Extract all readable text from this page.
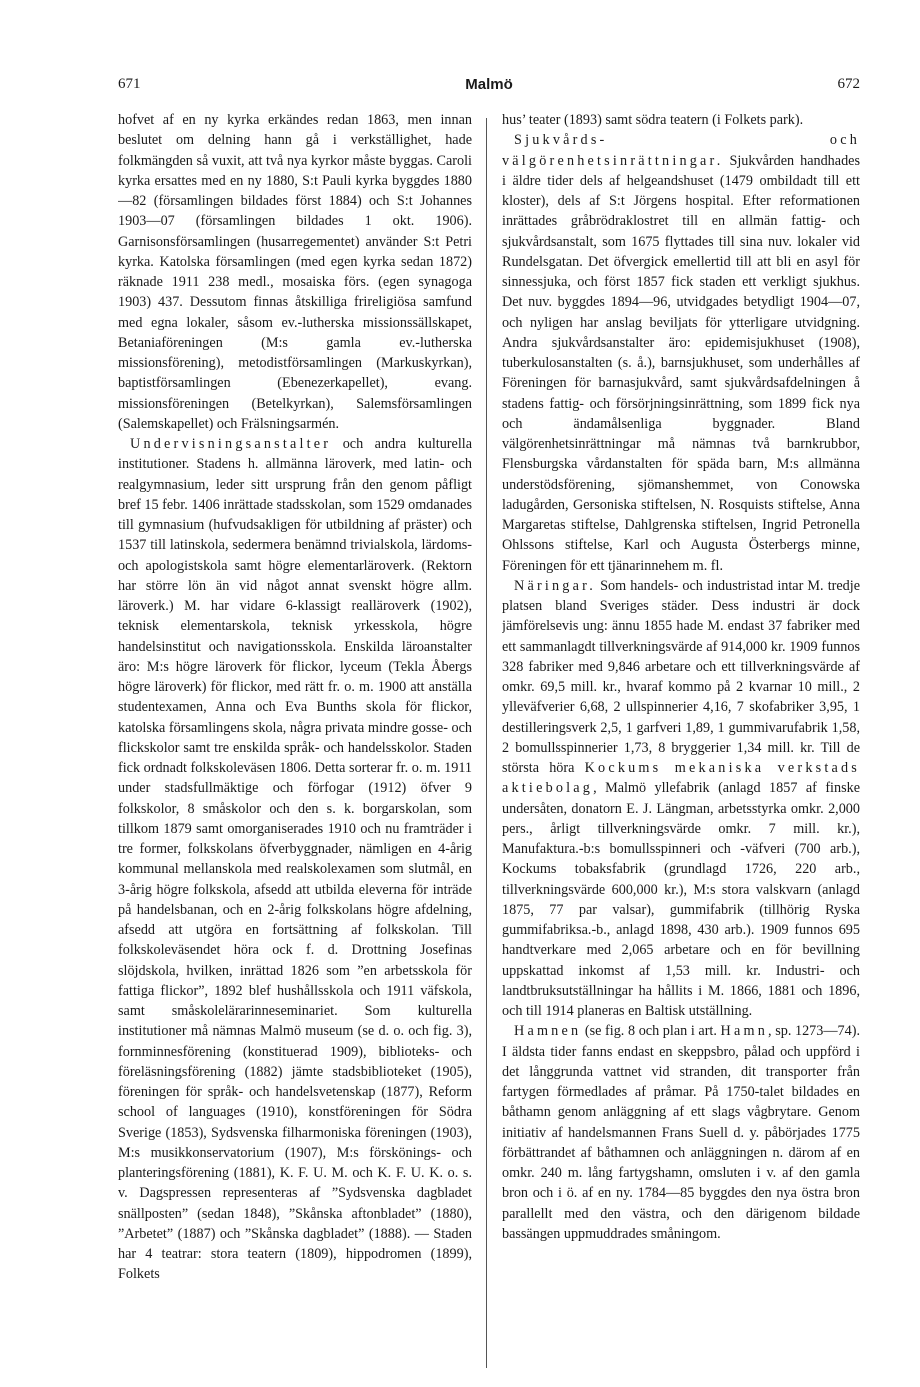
671	Malmö	672

hofvet af en ny kyrka erkändes redan 1863, men innan beslutet om delning hann gå i verkställighet, hade folkmängden så vuxit, att två nya kyrkor måste byggas. Caroli kyrka ersattes med en ny 1880, S:t Pauli kyrka byggdes 1880—82 (församlingen bildades först 1884) och S:t Johannes 1903—07 (församlingen bildades 1 okt. 1906). Garnisonsförsamlingen (husarregementet) använder S:t Petri kyrka. Katolska församlingen (med egen kyrka sedan 1872) räknade 1911 238 medl., mosaiska förs. (egen synagoga 1903) 437. Dessutom finnas åtskilliga frireligiösa samfund med egna lokaler, såsom ev.-lutherska missionssällskapet, Betaniaföreningen (M:s gamla ev.-lutherska missionsförening), metodistförsamlingen (Markuskyrkan), baptistförsamlingen (Ebenezerkapellet), evang. missionsföreningen (Betelkyrkan), Salemsförsamlingen (Salemskapellet) och Frälsningsarmén.

Undervisningsanstalter och andra kulturella institutioner. Stadens h. allmänna läroverk, med latin- och realgymnasium, leder sitt ursprung från den genom påfligt bref 15 febr. 1406 inrättade stadsskolan, som 1529 omdanades till gymnasium (hufvudsakligen för utbildning af präster) och 1537 till latinskola, sedermera benämnd trivialskola, lärdoms- och apologistskola samt högre elementarläroverk. (Rektorn har större lön än vid något annat svenskt högre allm. läroverk.) M. har vidare 6-klassigt realläroverk (1902), teknisk elementarskola, teknisk yrkesskola, högre handelsinstitut och navigationsskola. Enskilda läroanstalter äro: M:s högre läroverk för flickor, lyceum (Tekla Åbergs högre läroverk) för flickor, med rätt fr. o. m. 1900 att anställa studentexamen, Anna och Eva Bunths skola för flickor, katolska församlingens skola, några privata mindre gosse- och flickskolor samt tre enskilda språk- och handelsskolor. Staden fick ordnadt folkskoleväsen 1806. Detta sorterar fr. o. m. 1911 under stadsfullmäktige och förfogar (1912) öfver 9 folkskolor, 8 småskolor och den s. k. borgarskolan, som tillkom 1879 samt omorganiserades 1910 och nu framträder i tre former, folkskolans öfverbyggnader, nämligen en 4-årig kommunal mellanskola med realskolexamen som slutmål, en 3-årig högre folkskola, afsedd att utbilda eleverna för inträde på handelsbanan, och en 2-årig folkskolans högre afdelning, afsedd att utgöra en fortsättning af folkskolan. Till folkskoleväsendet höra ock f. d. Drottning Josefinas slöjdskola, hvilken, inrättad 1826 som ”en arbetsskola för fattiga flickor”, 1892 blef hushållsskola och 1911 väfskola, samt småskolelärarinneseminariet. Som kulturella institutioner må nämnas Malmö museum (se d. o. och fig. 3), fornminnesförening (konstituerad 1909), biblioteks- och föreläsningsförening (1882) jämte stadsbiblioteket (1905), föreningen för språk- och handelsvetenskap (1877), Reform school of languages (1910), konstföreningen för Södra Sverige (1853), Sydsvenska filharmoniska föreningen (1903), M:s musikkonservatorium (1907), M:s förskönings- och planteringsförening (1881), K. F. U. M. och K. F. U. K. o. s. v. Dagspressen representeras af ”Sydsvenska dagbladet snällposten” (sedan 1848), ”Skånska aftonbladet” (1880), ”Arbetet” (1887) och ”Skånska dagbladet” (1888). — Staden har 4 teatrar: stora teatern (1809), hippodromen (1899), Folkets

hus’ teater (1893) samt södra teatern (i Folkets park).

Sjukvårds- och välgörenhetsinrättningar. Sjukvården handhades i äldre tider dels af helgeandshuset (1479 ombildadt till ett kloster), dels af S:t Jörgens hospital. Efter reformationen inrättades gråbrödraklostret till en allmän fattig- och sjukvårdsanstalt, som 1675 flyttades till sina nuv. lokaler vid Rundelsgatan. Det öfvergick emellertid till att bli en asyl för sinnessjuka, och först 1857 fick staden ett verkligt sjukhus. Det nuv. byggdes 1894—96, utvidgades betydligt 1904—07, och nyligen har anslag beviljats för ytterligare utvidgning. Andra sjukvårdsanstalter äro: epidemisjukhuset (1908), tuberkulosanstalten (s. å.), barnsjukhuset, som underhålles af Föreningen för barnasjukvård, samt sjukvårdsafdelningen å stadens fattig- och försörjningsinrättning, som 1899 fick nya och ändamålsenliga byggnader. Bland välgörenhetsinrättningar må nämnas två barnkrubbor, Flensburgska vårdanstalten för späda barn, M:s allmänna understödsförening, sjömanshemmet, von Conowska ladugården, Gersoniska stiftelsen, N. Rosquists stiftelse, Anna Margaretas stiftelse, Dahlgrenska stiftelsen, Ingrid Petronella Ohlssons stiftelse, Karl och Augusta Österbergs minne, Föreningen för ett tjänarinnehem m. fl.

Näringar. Som handels- och industristad intar M. tredje platsen bland Sveriges städer. Dess industri är dock jämförelsevis ung: ännu 1855 hade M. endast 37 fabriker med ett sammanlagdt tillverkningsvärde af 914,000 kr. 1909 funnos 328 fabriker med 9,846 arbetare och ett tillverkningsvärde af omkr. 69,5 mill. kr., hvaraf kommo på 2 kvarnar 10 mill., 2 ylleväfverier 6,68, 2 ullspinnerier 4,16, 7 skofabriker 3,95, 1 destilleringsverk 2,5, 1 garfveri 1,89, 1 gummivarufabrik 1,58, 2 bomullsspinnerier 1,73, 8 bryggerier 1,34 mill. kr. Till de största höra Kockums mekaniska verkstads aktiebolag, Malmö yllefabrik (anlagd 1857 af finske undersåten, donatorn E. J. Längman, arbetsstyrka omkr. 2,000 pers., årligt tillverkningsvärde omkr. 7 mill. kr.), Manufaktura.-b:s bomullsspinneri och -väfveri (700 arb.), Kockums tobaksfabrik (grundlagd 1726, 220 arb., tillverkningsvärde 600,000 kr.), M:s stora valskvarn (anlagd 1875, 77 par valsar), gummifabrik (tillhörig Ryska gummifabriksa.-b., anlagd 1898, 430 arb.). 1909 funnos 695 handtverkare med 2,065 arbetare och en för bevillning uppskattad inkomst af 1,53 mill. kr. Industri- och landtbruksutställningar ha hållits i M. 1866, 1881 och 1896, och till 1914 planeras en Baltisk utställning.

Hamnen (se fig. 8 och plan i art. Hamn, sp. 1273—74). I äldsta tider fanns endast en skeppsbro, pålad och uppförd i det långgrunda vattnet vid stranden, dit transporter från fartygen förmedlades af pråmar. På 1750-talet bildades en båthamn genom anläggning af ett slags vågbrytare. Genom initiativ af handelsmannen Frans Suell d. y. påbörjades 1775 förbättrandet af båthamnen och anläggningen n. därom af en omkr. 240 m. lång fartygshamn, omsluten i v. af den gamla bron och i ö. af en ny. 1784—85 byggdes den nya östra bron parallellt med den västra, och den därigenom bildade bassängen uppmuddrades småningom.
